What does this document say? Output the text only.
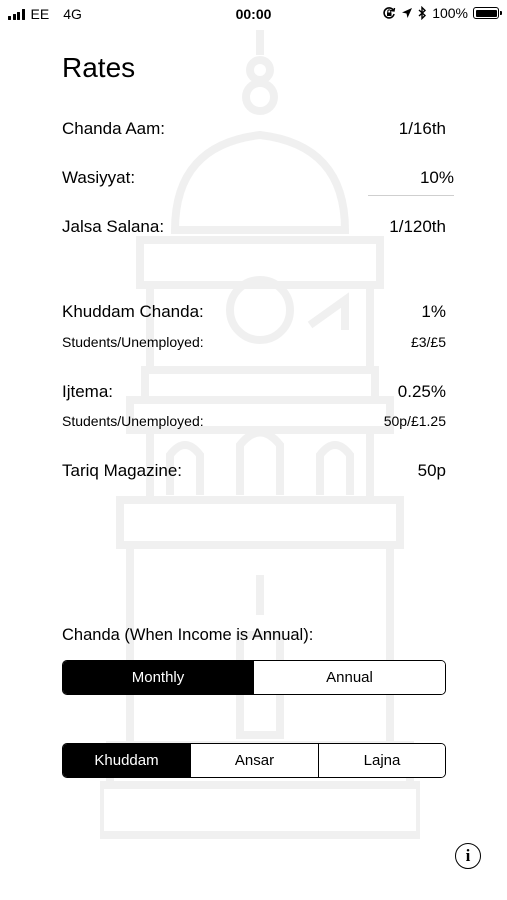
EE 4G	00:00	100%
Rates
Chanda Aam:	1/16th
Wasiyyat:	10%
Jalsa Salana:	1/120th
Khuddam Chanda:	1%
Students/Unemployed:	£3/£5
Ijtema:	0.25%
Students/Unemployed:	50p/£1.25
Tariq Magazine:	50p
Chanda (When Income is Annual):
Monthly	Annual
Khuddam	Ansar	Lajna
i
